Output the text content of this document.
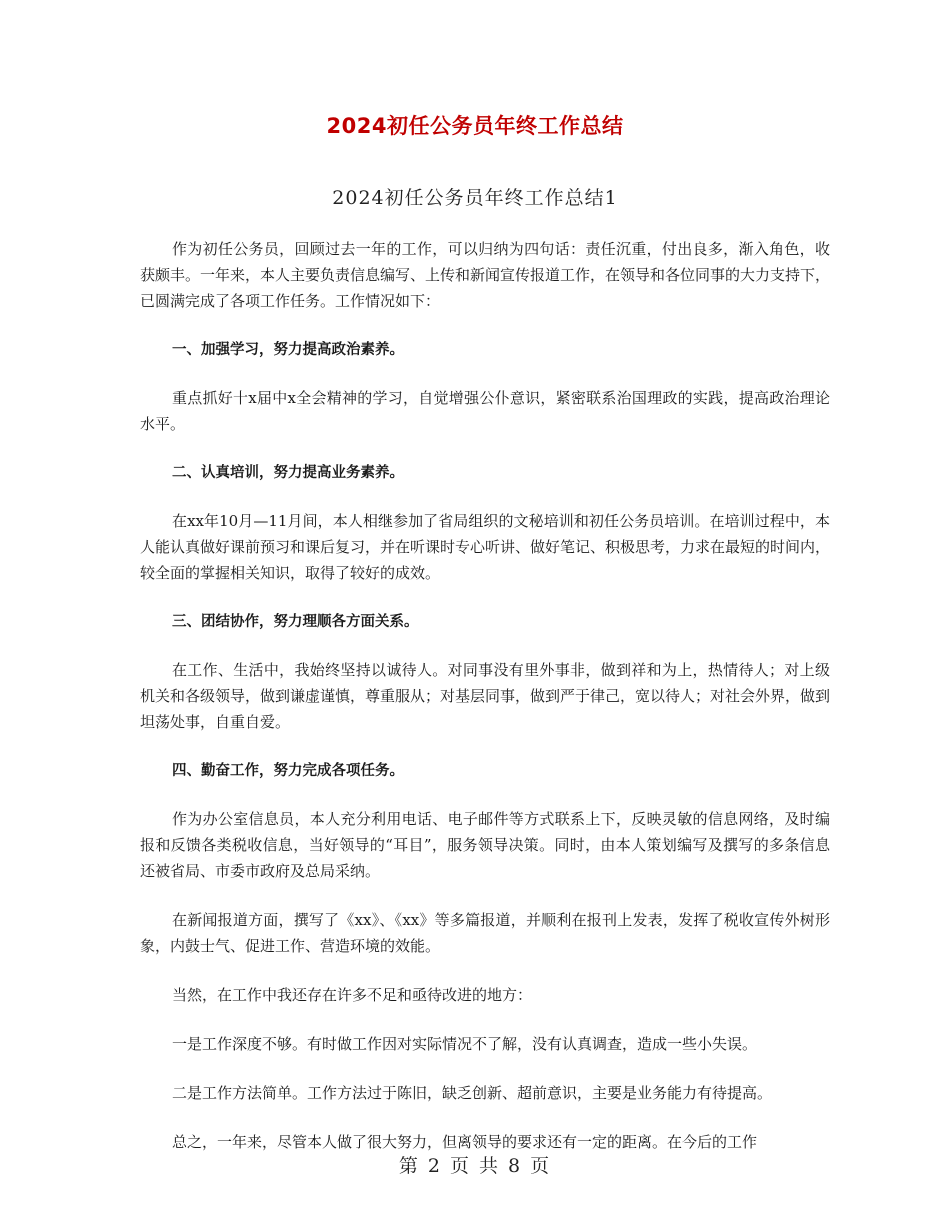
2024初任公务员年终工作总结
2024初任公务员年终工作总结1

作为初任公务员，回顾过去一年的工作，可以归纳为四句话：责任沉重，付出良多，渐入角色，收获颇丰。一年来，本人主要负责信息编写、上传和新闻宣传报道工作，在领导和各位同事的大力支持下，已圆满完成了各项工作任务。工作情况如下：

一、加强学习，努力提高政治素养。

重点抓好十x届中x全会精神的学习，自觉增强公仆意识，紧密联系治国理政的实践，提高政治理论水平。

二、认真培训，努力提高业务素养。

在xx年10月—11月间，本人相继参加了省局组织的文秘培训和初任公务员培训。在培训过程中，本人能认真做好课前预习和课后复习，并在听课时专心听讲、做好笔记、积极思考，力求在最短的时间内，较全面的掌握相关知识，取得了较好的成效。

三、团结协作，努力理顺各方面关系。

在工作、生活中，我始终坚持以诚待人。对同事没有里外事非，做到祥和为上，热情待人；对上级机关和各级领导，做到谦虚谨慎，尊重服从；对基层同事，做到严于律己，宽以待人；对社会外界，做到坦荡处事，自重自爱。

四、勤奋工作，努力完成各项任务。

作为办公室信息员，本人充分利用电话、电子邮件等方式联系上下，反映灵敏的信息网络，及时编报和反馈各类税收信息，当好领导的“耳目”，服务领导决策。同时，由本人策划编写及撰写的多条信息还被省局、市委市政府及总局采纳。

在新闻报道方面，撰写了《xx》、《xx》等多篇报道，并顺利在报刊上发表，发挥了税收宣传外树形象，内鼓士气、促进工作、营造环境的效能。

当然，在工作中我还存在许多不足和亟待改进的地方：

一是工作深度不够。有时做工作因对实际情况不了解，没有认真调查，造成一些小失误。

二是工作方法简单。工作方法过于陈旧，缺乏创新、超前意识，主要是业务能力有待提高。

总之，一年来，尽管本人做了很大努力，但离领导的要求还有一定的距离。在今后的工作

第 2 页 共 8 页
